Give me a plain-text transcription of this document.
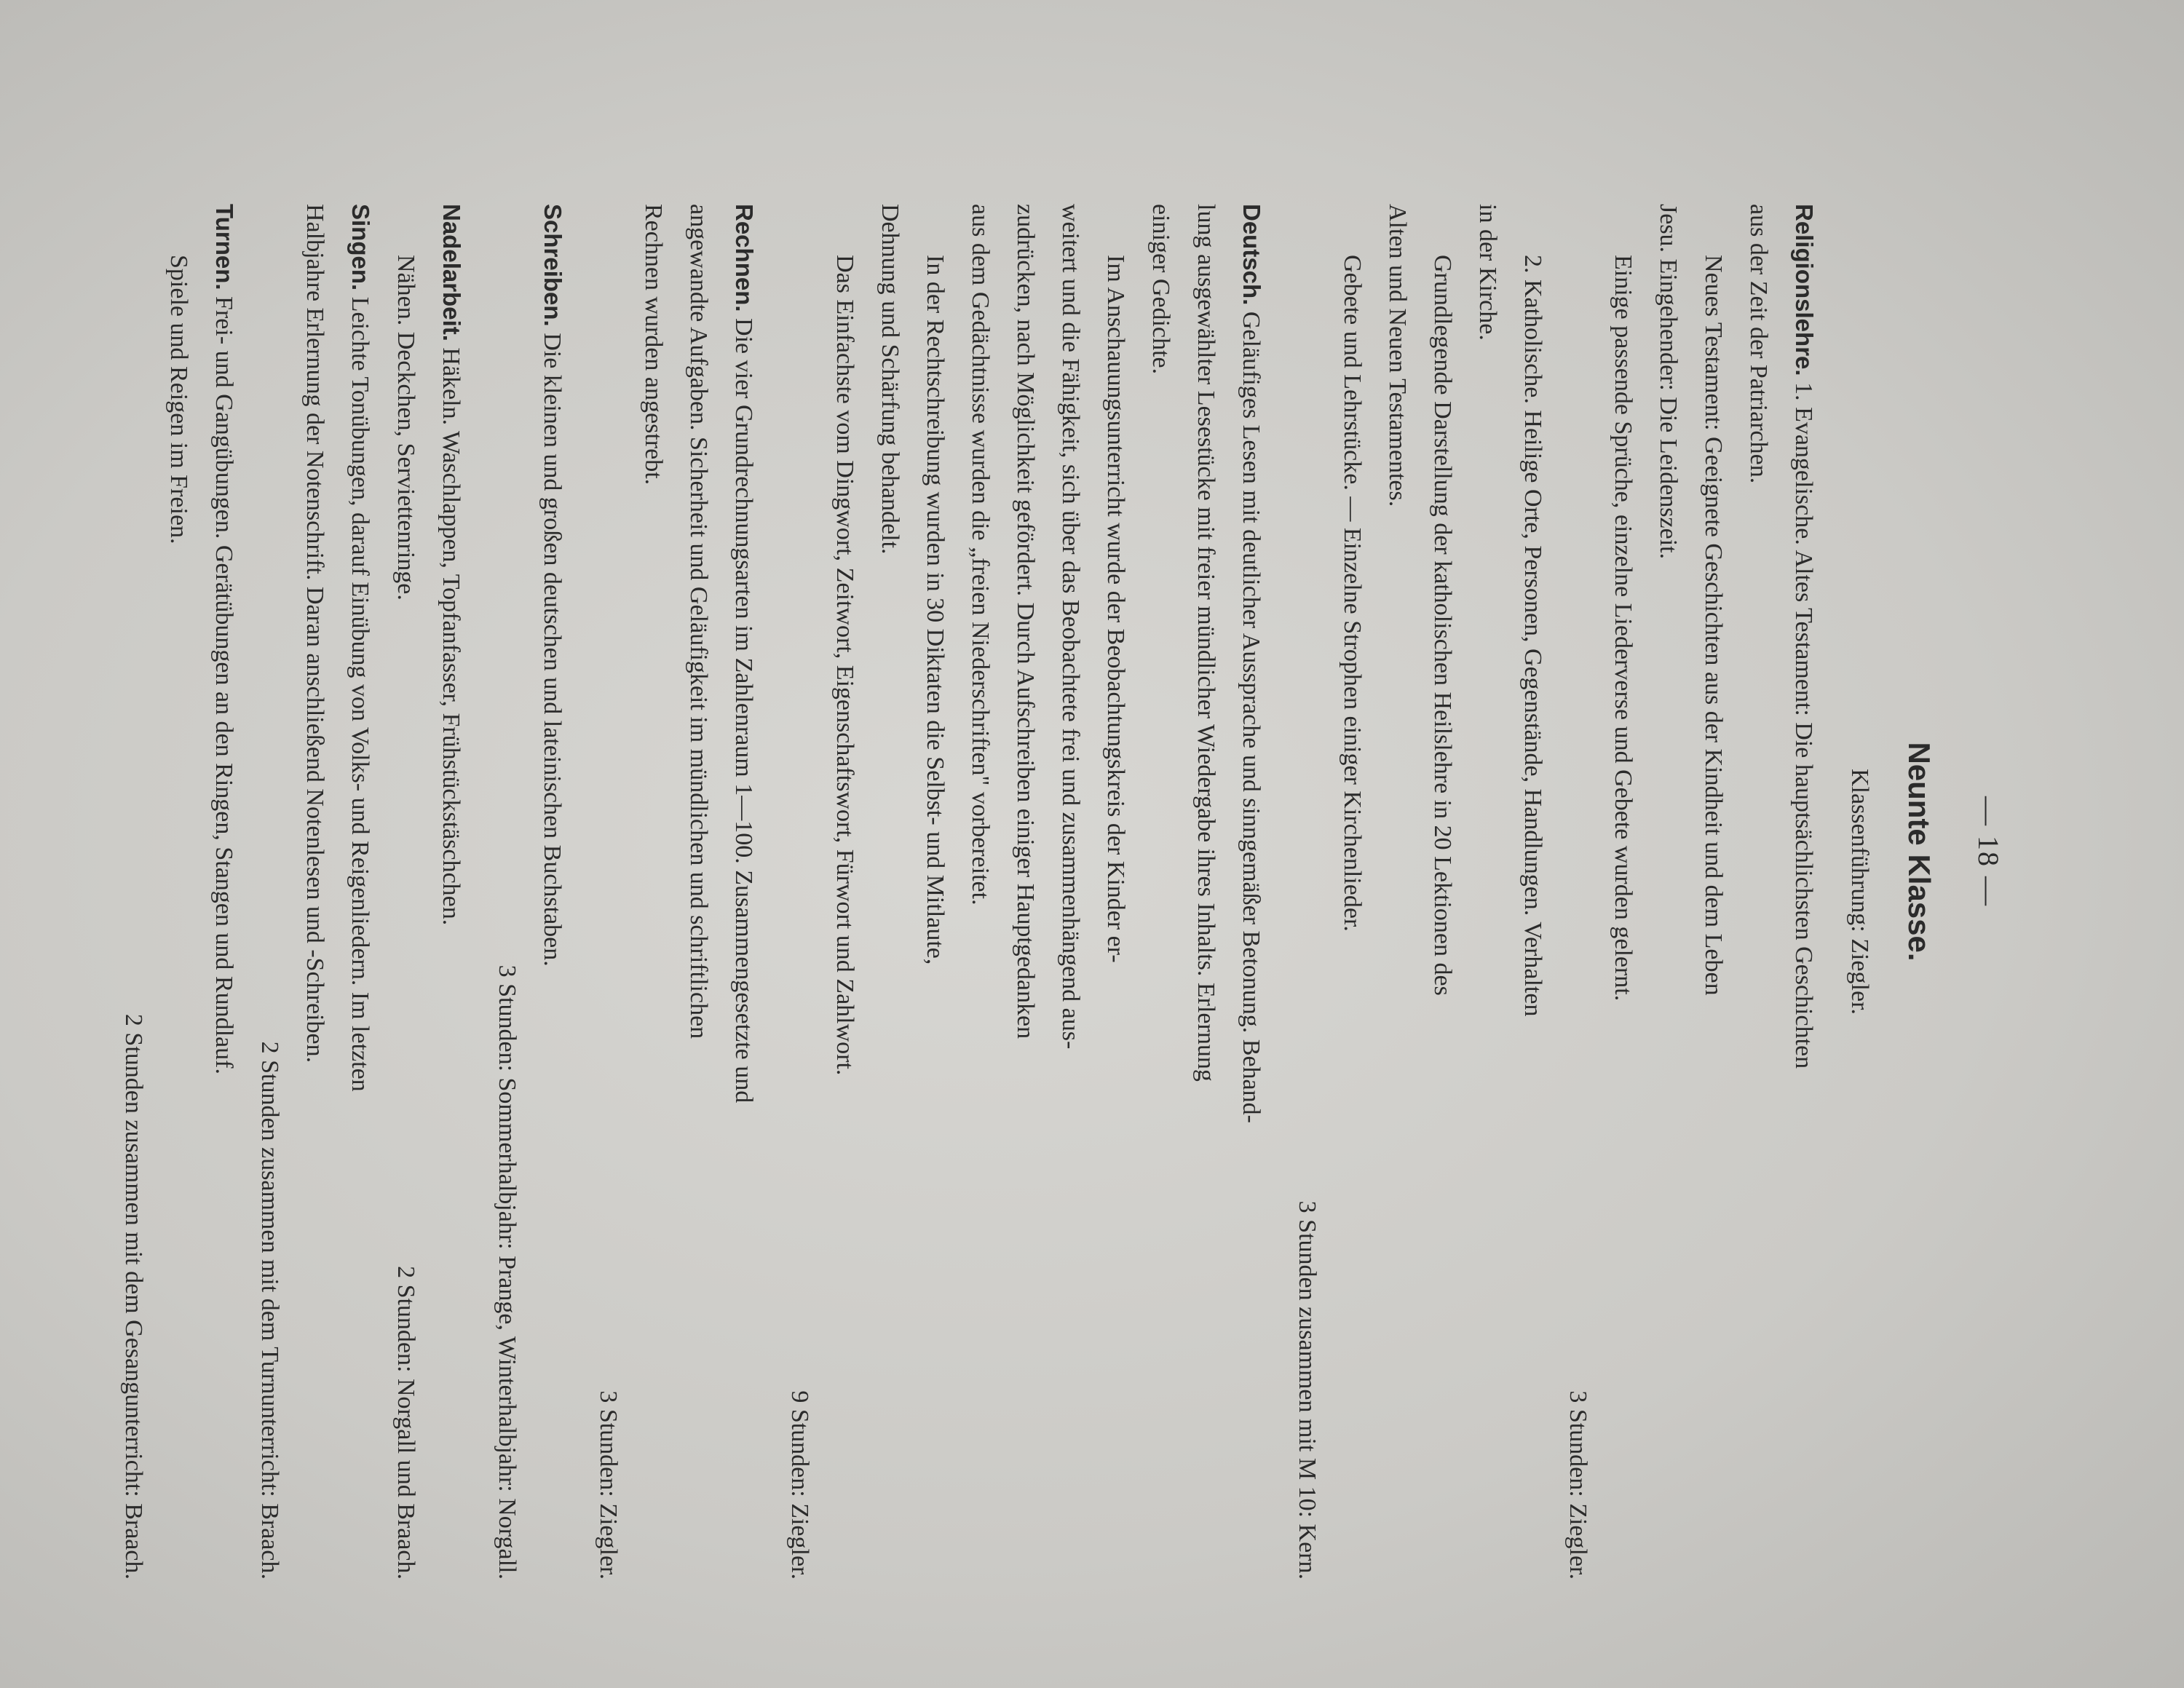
— 18 —
Neunte Klasse.

Klassenführung: Ziegler.

Religionslehre. 1. Evangelische. Altes Testament: Die hauptsächlichsten Geschichten

aus der Zeit der Patriarchen.

Neues Testament: Geeignete Geschichten aus der Kindheit und dem Leben

Jesu. Eingehender: Die Leidenszeit.

Einige passende Sprüche, einzelne Liederverse und Gebete wurden gelernt.

3 Stunden: Ziegler.

2. Katholische. Heilige Orte, Personen, Gegenstände, Handlungen. Verhalten

in der Kirche.

Grundlegende Darstellung der katholischen Heilslehre in 20 Lektionen des

Alten und Neuen Testamentes.

Gebete und Lehrstücke. — Einzelne Strophen einiger Kirchenlieder.

3 Stunden zusammen mit M 10: Kern.

Deutsch. Geläufiges Lesen mit deutlicher Aussprache und sinngemäßer Betonung. Behand-

lung ausgewählter Lesestücke mit freier mündlicher Wiedergabe ihres Inhalts. Erlernung

einiger Gedichte.

Im Anschauungsunterricht wurde der Beobachtungskreis der Kinder er-

weitert und die Fähigkeit, sich über das Beobachtete frei und zusammenhängend aus-

zudrücken, nach Möglichkeit gefördert. Durch Aufschreiben einiger Hauptgedanken

aus dem Gedächtnisse wurden die „freien Niederschriften" vorbereitet.

In der Rechtschreibung wurden in 30 Diktaten die Selbst- und Mitlaute,

Dehnung und Schärfung behandelt.

Das Einfachste vom Dingwort, Zeitwort, Eigenschaftswort, Fürwort und Zahlwort.

9 Stunden: Ziegler.

Rechnen. Die vier Grundrechnungsarten im Zahlenraum 1—100. Zusammengesetzte und

angewandte Aufgaben. Sicherheit und Geläufigkeit im mündlichen und schriftlichen

Rechnen wurden angestrebt.

3 Stunden: Ziegler.

Schreiben. Die kleinen und großen deutschen und lateinischen Buchstaben.

3 Stunden: Sommerhalbjahr: Prange, Winterhalbjahr: Norgall.

Nadelarbeit. Häkeln. Waschlappen, Topfanfasser, Frühstückstäschchen.

Nähen. Deckchen, Serviettenringe.
2 Stunden: Norgall und Braach.

Singen. Leichte Tonübungen, darauf Einübung von Volks- und Reigenliedern. Im letzten

Halbjahre Erlernung der Notenschrift. Daran anschließend Notenlesen und -Schreiben.

2 Stunden zusammen mit dem Turnunterricht: Braach.

Turnen. Frei- und Gangübungen. Gerätübungen an den Ringen, Stangen und Rundlauf.

Spiele und Reigen im Freien.

2 Stunden zusammen mit dem Gesangunterricht: Braach.
